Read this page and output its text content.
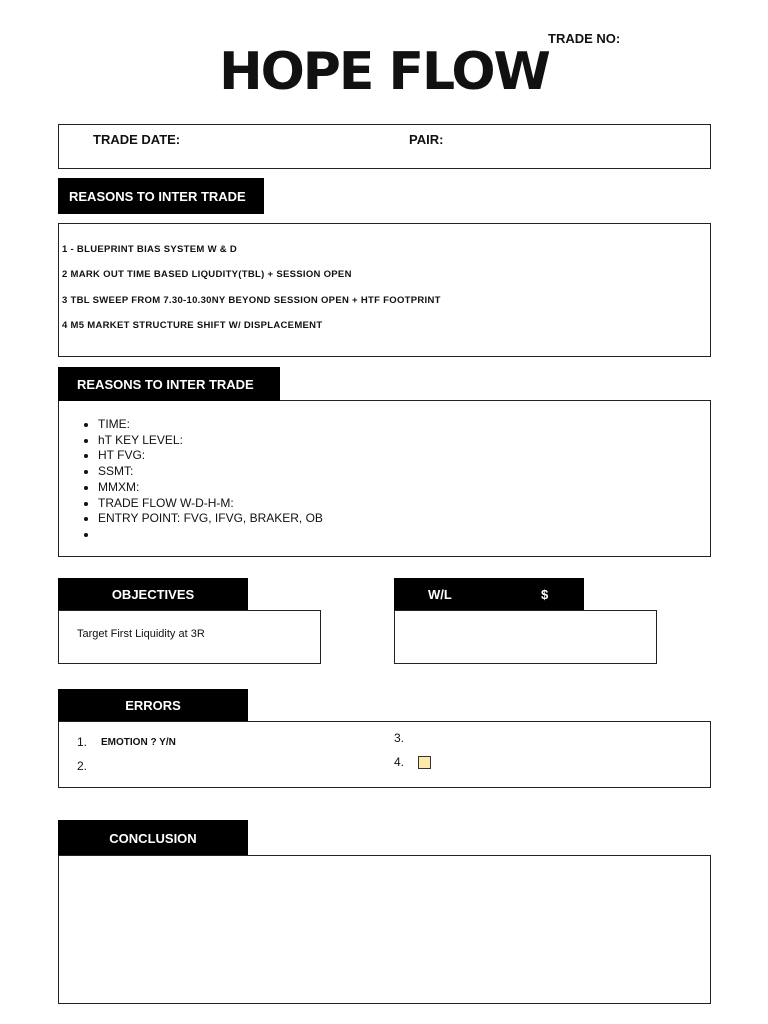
HOPE FLOW
TRADE NO:
TRADE DATE:	PAIR:
REASONS TO INTER TRADE
1 - BLUEPRINT BIAS SYSTEM W & D
2 MARK OUT TIME BASED LIQUDITY(TBL) + SESSION OPEN
3 TBL SWEEP FROM 7.30-10.30NY BEYOND SESSION OPEN + HTF FOOTPRINT
4 M5 MARKET STRUCTURE SHIFT W/ DISPLACEMENT
REASONS TO INTER TRADE
• TIME:
• hT KEY LEVEL:
• HT FVG:
• SSMT:
• MMXM:
• TRADE FLOW W-D-H-M:
• ENTRY POINT: FVG, IFVG, BRAKER, OB
•
OBJECTIVES
Target First Liquidity at 3R
W/L	$
ERRORS
1. EMOTION ? Y/N
2.
3.
4.
CONCLUSION
